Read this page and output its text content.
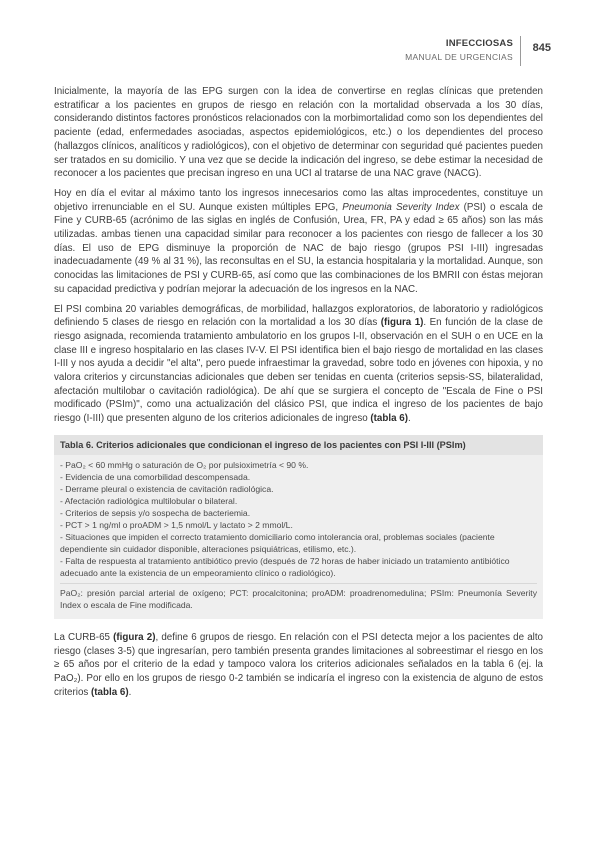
INFECCIOSAS
MANUAL DE URGENCIAS
845

Inicialmente, la mayoría de las EPG surgen con la idea de convertirse en reglas clínicas que pretenden estratificar a los pacientes en grupos de riesgo en relación con la mortalidad observada a los 30 días, considerando distintos factores pronósticos relacionados con la morbimortalidad como son los dependientes del paciente (edad, enfermedades asociadas, aspectos epidemiológicos, etc.) o los dependientes del proceso (hallazgos clínicos, analíticos y radiológicos), con el objetivo de determinar con seguridad qué pacientes pueden ser tratados en su domicilio. Y una vez que se decide la indicación del ingreso, se debe estimar la necesidad de reconocer a los pacientes que precisan ingreso en una UCI al tratarse de una NAC grave (NACG).

Hoy en día el evitar al máximo tanto los ingresos innecesarios como las altas improcedentes, constituye un objetivo irrenunciable en el SU. Aunque existen múltiples EPG, Pneumonia Severity Index (PSI) o escala de Fine y CURB-65 (acrónimo de las siglas en inglés de Confusión, Urea, FR, PA y edad ≥ 65 años) son las más utilizadas. ambas tienen una capacidad similar para reconocer a los pacientes con riesgo de fallecer a los 30 días. El uso de EPG disminuye la proporción de NAC de bajo riesgo (grupos PSI I-III) ingresadas inadecuadamente (49 % al 31 %), las reconsultas en el SU, la estancia hospitalaria y la mortalidad. Aunque, son conocidas las limitaciones de PSI y CURB-65, así como que las combinaciones de los BMRII con éstas mejoran su capacidad predictiva y podrían mejorar la adecuación de los ingresos en la NAC.

El PSI combina 20 variables demográficas, de morbilidad, hallazgos exploratorios, de laboratorio y radiológicos definiendo 5 clases de riesgo en relación con la mortalidad a los 30 días (figura 1). En función de la clase de riesgo asignada, recomienda tratamiento ambulatorio en los grupos I-II, observación en el SUH o en UCE en la clase III e ingreso hospitalario en las clases IV-V. El PSI identifica bien el bajo riesgo de mortalidad en las clases I-III y nos ayuda a decidir "el alta", pero puede infraestimar la gravedad, sobre todo en jóvenes con hipoxia, y no valora criterios y circunstancias adicionales que deben ser tenidas en cuenta (criterios sepsis-SS, bilateralidad, afectación multilobar o cavitación radiológica). De ahí que se surgiera el concepto de "Escala de Fine o PSI modificado (PSIm)", como una actualización del clásico PSI, que indica el ingreso de los pacientes de bajo riesgo (I-III) que presenten alguno de los criterios adicionales de ingreso (tabla 6).

Tabla 6. Criterios adicionales que condicionan el ingreso de los pacientes con PSI I-III (PSIm)
- PaO₂ < 60 mmHg o saturación de O₂ por pulsioximetría < 90 %.
- Evidencia de una comorbilidad descompensada.
- Derrame pleural o existencia de cavitación radiológica.
- Afectación radiológica multilobular o bilateral.
- Criterios de sepsis y/o sospecha de bacteriemia.
- PCT > 1 ng/ml o proADM > 1,5 nmol/L y lactato > 2 mmol/L.
- Situaciones que impiden el correcto tratamiento domiciliario como intolerancia oral, problemas sociales (paciente dependiente sin cuidador disponible, alteraciones psiquiátricas, etilismo, etc.).
- Falta de respuesta al tratamiento antibiótico previo (después de 72 horas de haber iniciado un tratamiento antibiótico adecuado ante la existencia de un empeoramiento clínico o radiológico).
PaO₂: presión parcial arterial de oxígeno; PCT: procalcitonina; proADM: proadrenomedulina; PSIm: Pneumonía Severity Index o escala de Fine modificada.

La CURB-65 (figura 2), define 6 grupos de riesgo. En relación con el PSI detecta mejor a los pacientes de alto riesgo (clases 3-5) que ingresarían, pero también presenta grandes limitaciones al sobreestimar el riesgo en los ≥ 65 años por el criterio de la edad y tampoco valora los criterios adicionales señalados en la tabla 6 (ej. la PaO₂). Por ello en los grupos de riesgo 0-2 también se indicaría el ingreso con la existencia de alguno de estos criterios (tabla 6).
